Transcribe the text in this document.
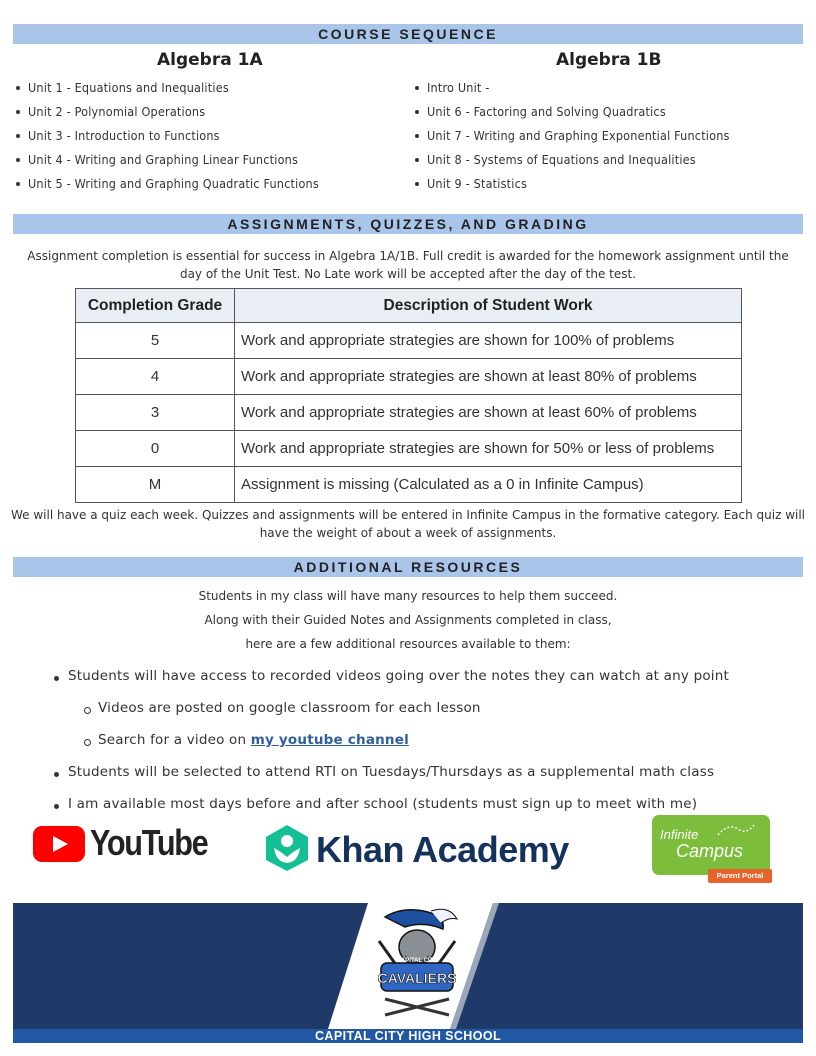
COURSE SEQUENCE
Algebra 1A	Algebra 1B
Unit 1 - Equations and Inequalities
Unit 2 - Polynomial Operations
Unit 3 - Introduction to Functions
Unit 4 - Writing and Graphing Linear Functions
Unit 5 - Writing and Graphing Quadratic Functions
Intro Unit -
Unit 6 - Factoring and Solving Quadratics
Unit 7 - Writing and Graphing Exponential Functions
Unit 8 - Systems of Equations and Inequalities
Unit 9 - Statistics
ASSIGNMENTS, QUIZZES, AND GRADING
Assignment completion is essential for success in Algebra 1A/1B. Full credit is awarded for the homework assignment until the day of the Unit Test. No Late work will be accepted after the day of the test.
Completion Grade	Description of Student Work
5	Work and appropriate strategies are shown for 100% of problems
4	Work and appropriate strategies are shown at least 80% of problems
3	Work and appropriate strategies are shown at least 60% of problems
0	Work and appropriate strategies are shown for 50% or less of problems
M	Assignment is missing (Calculated as a 0 in Infinite Campus)
We will have a quiz each week. Quizzes and assignments will be entered in Infinite Campus in the formative category. Each quiz will have the weight of about a week of assignments.
ADDITIONAL RESOURCES
Students in my class will have many resources to help them succeed.
Along with their Guided Notes and Assignments completed in class,
here are a few additional resources available to them:
Students will have access to recorded videos going over the notes they can watch at any point
Videos are posted on google classroom for each lesson
Search for a video on my youtube channel
Students will be selected to attend RTI on Tuesdays/Thursdays as a supplemental math class
I am available most days before and after school (students must sign up to meet with me)
YouTube	Khan Academy	Infinite
Campus
Parent Portal
CAPITAL CITY
CAVALIERS
CAPITAL CITY HIGH SCHOOL
